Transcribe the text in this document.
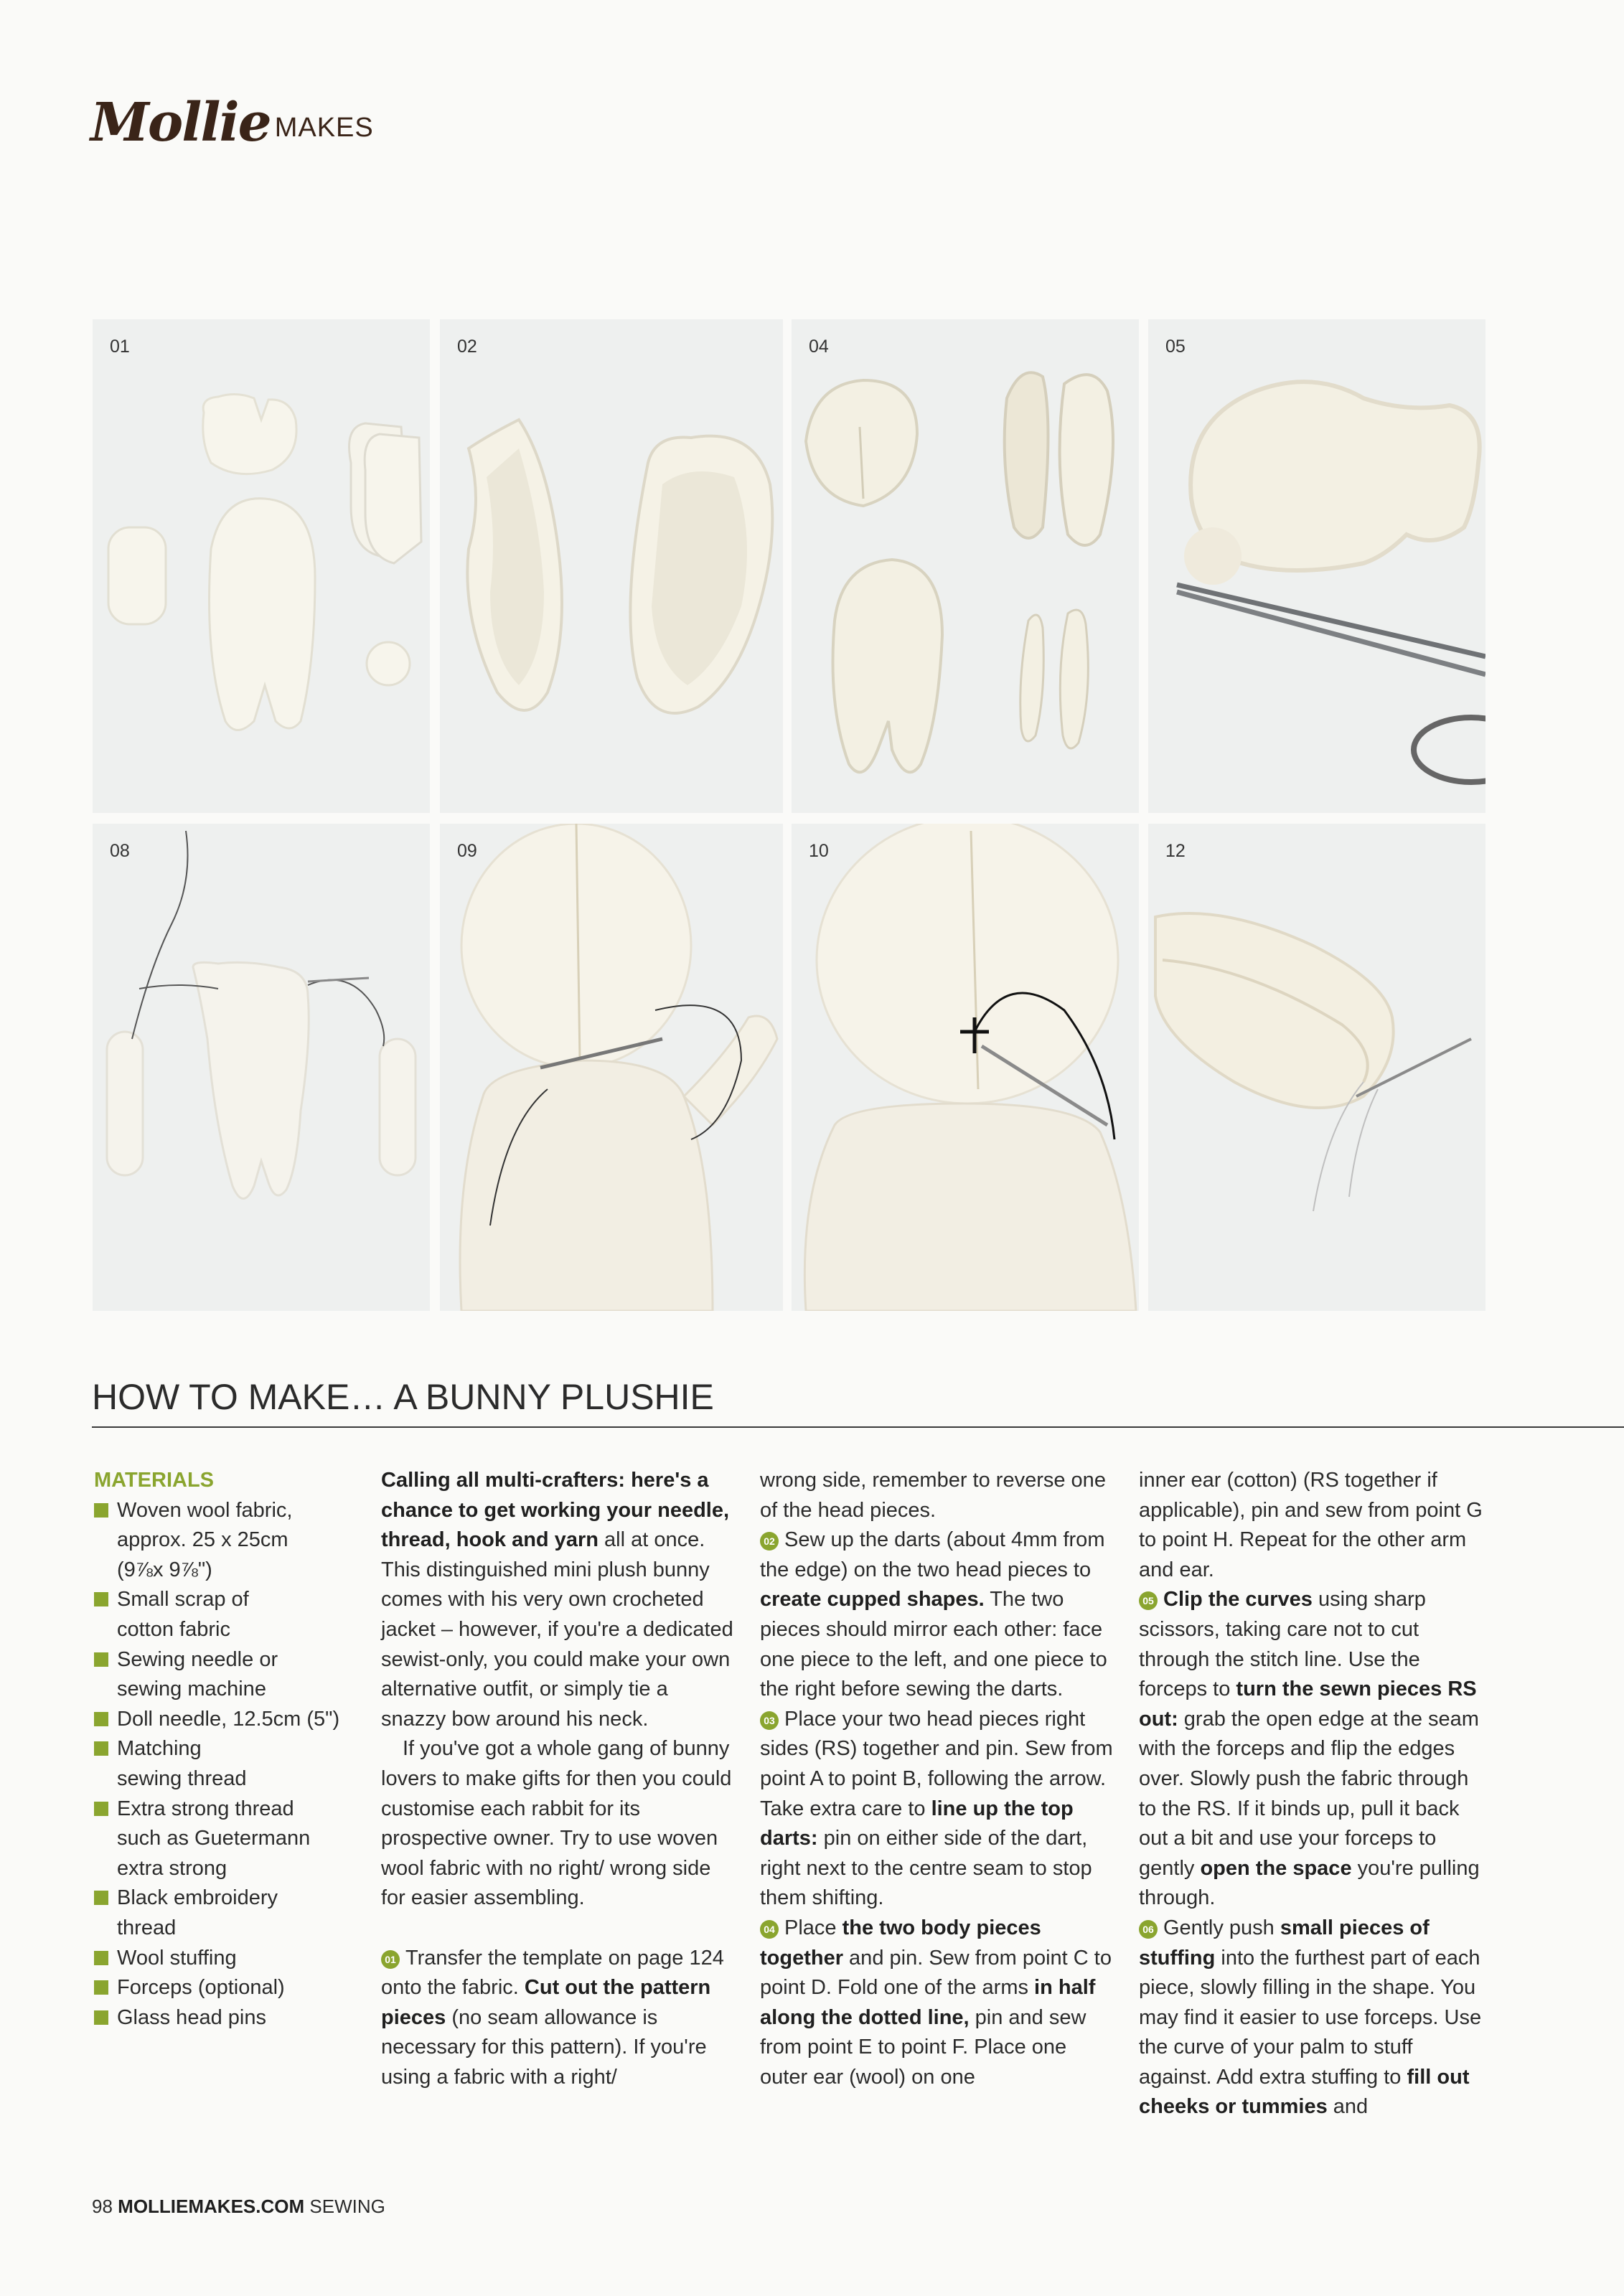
Mollie MAKES
01	02	04	05
08	09	10	12
HOW TO MAKE… A BUNNY PLUSHIE

MATERIALS

Woven wool fabric,
approx. 25 x 25cm
(9⅞x 9⅞")
Small scrap of
cotton fabric
Sewing needle or
sewing machine
Doll needle, 12.5cm (5")
Matching
sewing thread
Extra strong thread
such as Guetermann
extra strong
Black embroidery
thread
Wool stuffing
Forceps (optional)
Glass head pins

Calling all multi-crafters: here's a chance to get working your needle, thread, hook and yarn all at once. This distinguished mini plush bunny comes with his very own crocheted jacket – however, if you're a dedicated sewist-only, you could make your own alternative outfit, or simply tie a snazzy bow around his neck.

If you've got a whole gang of bunny lovers to make gifts for then you could customise each rabbit for its prospective owner. Try to use woven wool fabric with no right/ wrong side for easier assembling.

01 Transfer the template on page 124 onto the fabric. Cut out the pattern pieces (no seam allowance is necessary for this pattern). If you're using a fabric with a right/

wrong side, remember to reverse one of the head pieces.

02 Sew up the darts (about 4mm from the edge) on the two head pieces to create cupped shapes. The two pieces should mirror each other: face one piece to the left, and one piece to the right before sewing the darts.

03 Place your two head pieces right sides (RS) together and pin. Sew from point A to point B, following the arrow. Take extra care to line up the top darts: pin on either side of the dart, right next to the centre seam to stop them shifting.

04 Place the two body pieces together and pin. Sew from point C to point D. Fold one of the arms in half along the dotted line, pin and sew from point E to point F. Place one outer ear (wool) on one

inner ear (cotton) (RS together if applicable), pin and sew from point G to point H. Repeat for the other arm and ear.

05 Clip the curves using sharp scissors, taking care not to cut through the stitch line. Use the forceps to turn the sewn pieces RS out: grab the open edge at the seam with the forceps and flip the edges over. Slowly push the fabric through to the RS. If it binds up, pull it back out a bit and use your forceps to gently open the space you're pulling through.

06 Gently push small pieces of stuffing into the furthest part of each piece, slowly filling in the shape. You may find it easier to use forceps. Use the curve of your palm to stuff against. Add extra stuffing to fill out cheeks or tummies and

98 MOLLIEMAKES.COM SEWING
